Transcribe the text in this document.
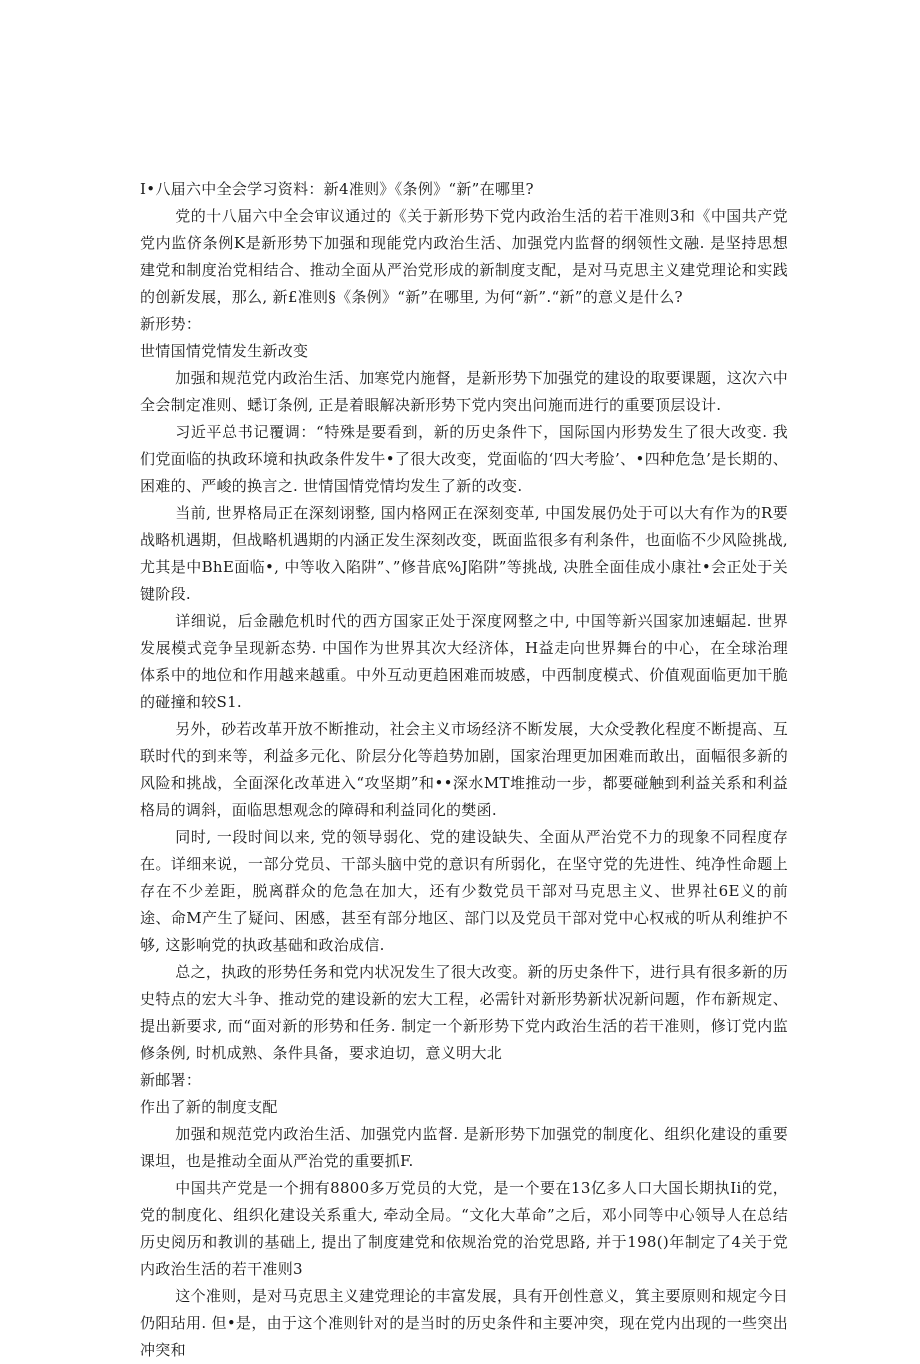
I•八届六中全会学习资料：新4准则》《条例》“新”在哪里?

党的十八届六中全会审议通过的《关于新形势下党内政治生活的若干准则3和《中国共产党党内监侪条例K是新形势下加强和现能党内政治生活、加强党内监督的纲领性文融. 是坚持思想建党和制度治党相结合、推动全面从严治党形成的新制度支配，是对马克思主义建党理论和实践的创新发展，那么, 新£准则§《条例》“新”在哪里, 为何“新”.“新”的意义是什么?

新形势：

世情国情党情发生新改变

加强和规范党内政治生活、加寒党内施督，是新形势下加强党的建设的取要课题，这次六中全会制定准则、蟋订条例, 正是着眼解决新形势下党内突出问施而进行的重要顶层设计.

习近平总书记覆调：“特殊是要看到，新的历史条件下，国际国内形势发生了很大改变. 我们党面临的执政环境和执政条件发牛•了很大改变，党面临的‘四大考脸’、•四种危急’是长期的、困难的、严峻的换言之. 世情国情党情均发生了新的改变.

当前, 世界格局正在深刻诩整, 国内格网正在深刻变革, 中国发展仍处于可以大有作为的R要战略机遇期，但战略机遇期的内涵正发生深刻改变，既面监很多有利条件，也面临不少风险挑战, 尤其是中BhE面临•, 中等收入陷阱”、”修昔底%J陷阱”等挑战, 决胜全面佳成小康社•会正处于关键阶段.

详细说，后金融危机时代的西方国家正处于深度网整之中, 中国等新兴国家加速蝠起. 世界发展模式竞争呈现新态势. 中国作为世界其次大经济体，H益走向世界舞台的中心，在全球治理体系中的地位和作用越来越重。中外互动更趋困难而坡感，中西制度模式、价值观面临更加干脆的碰撞和较S1.

另外，砂若改革开放不断推动，社会主义市场经济不断发展，大众受教化程度不断提高、互联时代的到来等，利益多元化、阶层分化等趋势加剧，国家治理更加困难而敢出，面幅很多新的风险和挑战，全面深化改革进入“攻坚期”和••深水MT堆推动一步，都要碰触到利益关系和利益格局的调斜，面临思想观念的障碍和利益同化的樊函.

同时, 一段时间以来, 党的领导弱化、党的建设缺失、全面从严治党不力的现象不同程度存在。详细来说，一部分党员、干部头脑中党的意识有所弱化，在坚守党的先进性、纯净性命题上存在不少差距，脱离群众的危急在加大，还有少数党员干部对马克思主义、世界社6E义的前途、命M产生了疑问、困感，甚至有部分地区、部门以及党员干部对党中心权戒的听从利维护不够, 这影响党的执政基础和政治成信.

总之，执政的形势任务和党内状况发生了很大改变。新的历史条件下，进行具有很多新的历史特点的宏大斗争、推动党的建设新的宏大工程，必需针对新形势新状况新问题，作布新规定、提出新要求, 而“面对新的形势和任务. 制定一个新形势下党内政治生活的若干准则，修订党内监修条例, 时机成熟、条件具备，要求迫切，意义明大北

新邮署：

作出了新的制度支配

加强和规范党内政治生活、加强党内监督. 是新形势下加强党的制度化、组织化建设的重要课坦，也是推动全面从严治党的重要抓F.

中国共产党是一个拥有8800多万党员的大党，是一个要在13亿多人口大国长期执Ii的党，党的制度化、组织化建设关系重大, 牵动全局。“文化大革命”之后，邓小同等中心领导人在总结历史阅历和教训的基础上, 提出了制度建党和依规治党的治党思路, 并于198()年制定了4关于党内政治生活的若干准则3

这个准则，是对马克思主义建党理论的丰富发展，具有开创性意义，箕主要原则和规定今日仍阳玷用. 但•是，由于这个准则针对的是当时的历史条件和主要冲突，现在党内出现的一些突出冲突和
